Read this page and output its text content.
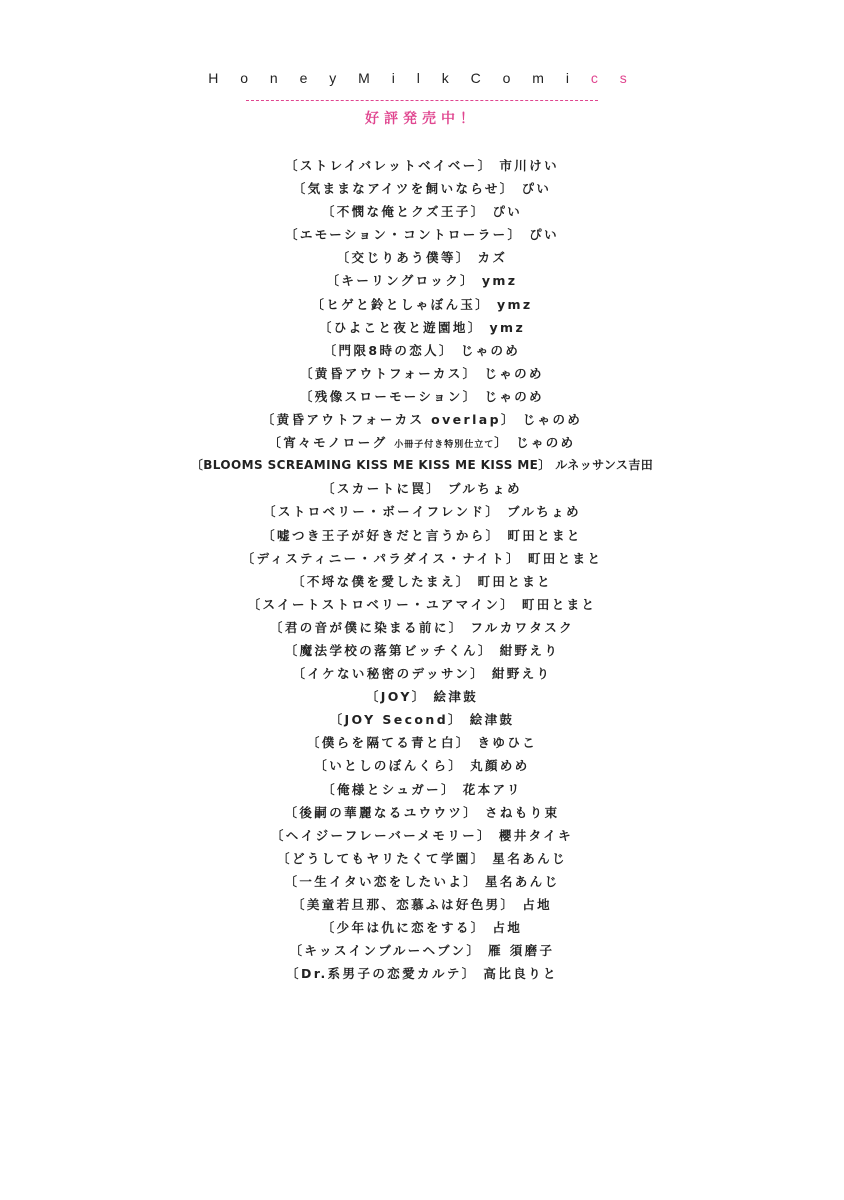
H o n e y M i l k C o m i c s
好評発売中！
〔ストレイバレットベイベー〕 市川けい
〔気ままなアイツを飼いならせ〕 ぴい
〔不憫な俺とクズ王子〕 ぴい
〔エモーション・コントローラー〕 ぴい
〔交じりあう僕等〕 カズ
〔キーリングロック〕 ymz
〔ヒゲと鈴としゃぼん玉〕 ymz
〔ひよこと夜と遊園地〕 ymz
〔門限8時の恋人〕 じゃのめ
〔黄昏アウトフォーカス〕 じゃのめ
〔残像スローモーション〕 じゃのめ
〔黄昏アウトフォーカス overlap〕 じゃのめ
〔宵々モノローグ 小冊子付き特別仕立て〕 じゃのめ
〔BLOOMS SCREAMING KISS ME KISS ME KISS ME〕 ルネッサンス吉田
〔スカートに罠〕 ブルちょめ
〔ストロベリー・ボーイフレンド〕 ブルちょめ
〔嘘つき王子が好きだと言うから〕 町田とまと
〔ディスティニー・パラダイス・ナイト〕 町田とまと
〔不埒な僕を愛したまえ〕 町田とまと
〔スイートストロベリー・ユアマイン〕 町田とまと
〔君の音が僕に染まる前に〕 フルカワタスク
〔魔法学校の落第ビッチくん〕 紺野えり
〔イケない秘密のデッサン〕 紺野えり
〔JOY〕 絵津鼓
〔JOY Second〕 絵津鼓
〔僕らを隔てる青と白〕 きゆひこ
〔いとしのぼんくら〕 丸顔めめ
〔俺様とシュガー〕 花本アリ
〔後嗣の華麗なるユウウツ〕 さねもり束
〔ヘイジーフレーバーメモリー〕 櫻井タイキ
〔どうしてもヤリたくて学園〕 星名あんじ
〔一生イタい恋をしたいよ〕 星名あんじ
〔美童若旦那、恋慕ふは好色男〕 占地
〔少年は仇に恋をする〕 占地
〔キッスインブルーヘブン〕 雁 須磨子
〔Dr.系男子の恋愛カルテ〕 高比良りと
